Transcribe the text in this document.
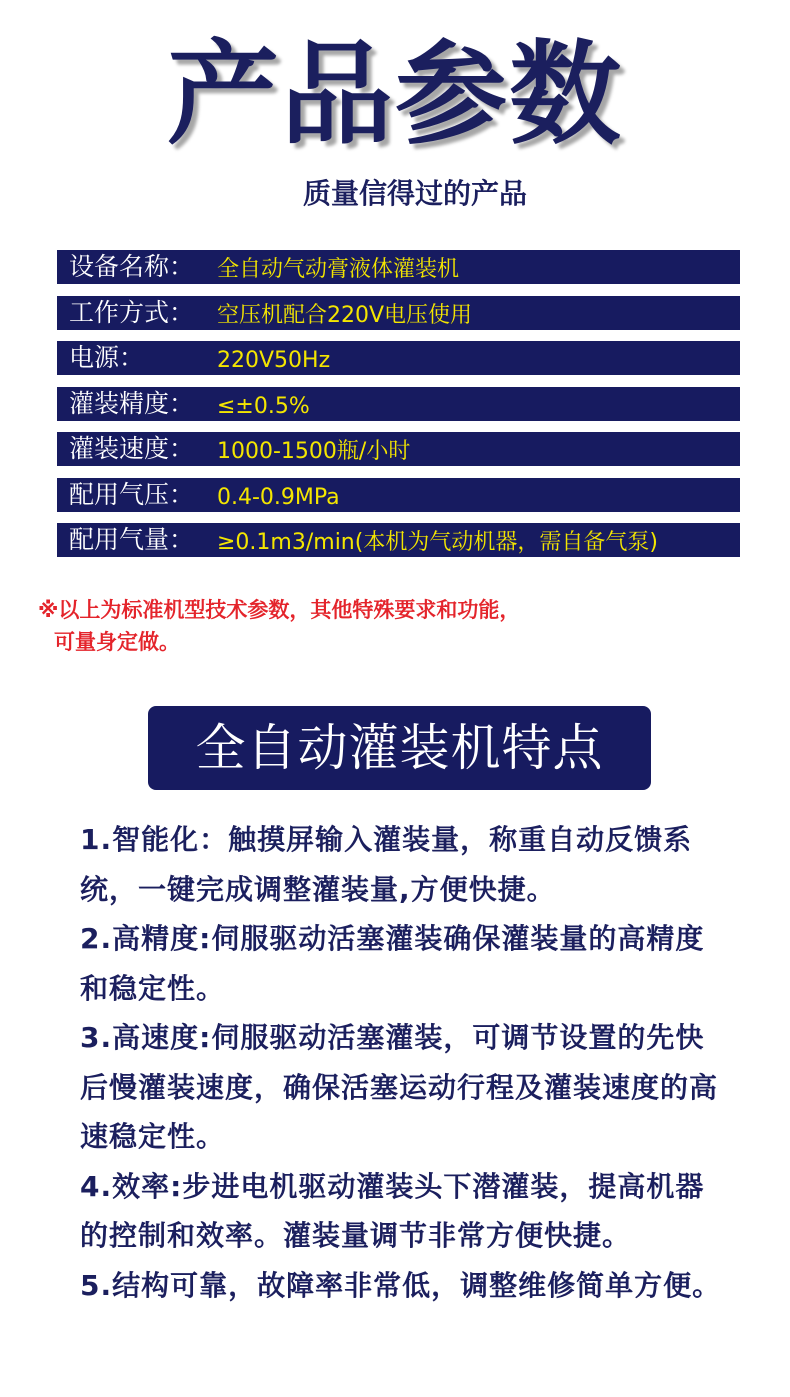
产品参数
质量信得过的产品
设备名称：	全自动气动膏液体灌装机
工作方式：	空压机配合220V电压使用
电源：	220V50Hz
灌装精度：	≤±0.5%
灌装速度：	1000-1500瓶/小时
配用气压：	0.4-0.9MPa
配用气量：	≥0.1m3/min(本机为气动机器，需自备气泵)
※以上为标准机型技术参数，其他特殊要求和功能，
可量身定做。
全自动灌装机特点

1.智能化：触摸屏输入灌装量，称重自动反馈系统，一键完成调整灌装量,方便快捷。

2.高精度:伺服驱动活塞灌装确保灌装量的高精度和稳定性。

3.高速度:伺服驱动活塞灌装，可调节设置的先快后慢灌装速度，确保活塞运动行程及灌装速度的高速稳定性。

4.效率:步进电机驱动灌装头下潜灌装，提高机器的控制和效率。灌装量调节非常方便快捷。

5.结构可靠，故障率非常低，调整维修简单方便。
